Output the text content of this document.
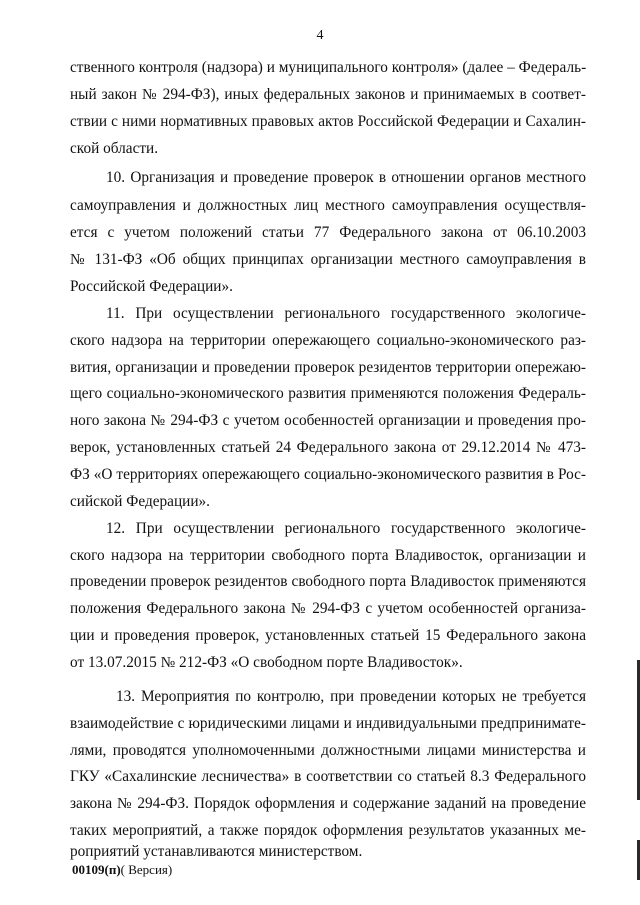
4
ственного контроля (надзора) и муниципального контроля» (далее – Федераль-
ный закон № 294-ФЗ), иных федеральных законов и принимаемых в соответ-
ствии с ними нормативных правовых актов Российской Федерации и Сахалин-
ской области.
10. Организация и проведение проверок в отношении органов местного
самоуправления и должностных лиц местного самоуправления осуществля-
ется с учетом положений статьи 77 Федерального закона от 06.10.2003
№ 131-ФЗ «Об общих принципах организации местного самоуправления в
Российской Федерации».
11. При осуществлении регионального государственного экологиче-
ского надзора на территории опережающего социально-экономического раз-
вития, организации и проведении проверок резидентов территории опережаю-
щего социально-экономического развития применяются положения Федераль-
ного закона № 294-ФЗ с учетом особенностей организации и проведения про-
верок, установленных статьей 24 Федерального закона от 29.12.2014 № 473-
ФЗ «О территориях опережающего социально-экономического развития в Рос-
сийской Федерации».
12. При осуществлении регионального государственного экологиче-
ского надзора на территории свободного порта Владивосток, организации и
проведении проверок резидентов свободного порта Владивосток применяются
положения Федерального закона № 294-ФЗ с учетом особенностей организа-
ции и проведения проверок, установленных статьей 15 Федерального закона
от 13.07.2015 № 212-ФЗ «О свободном порте Владивосток».
13. Мероприятия по контролю, при проведении которых не требуется
взаимодействие с юридическими лицами и индивидуальными предпринимате-
лями, проводятся уполномоченными должностными лицами министерства и
ГКУ «Сахалинские лесничества» в соответствии со статьей 8.3 Федерального
закона № 294-ФЗ. Порядок оформления и содержание заданий на проведение
таких мероприятий, а также порядок оформления результатов указанных ме-
роприятий устанавливаются министерством.
00109(п)( Версия)
